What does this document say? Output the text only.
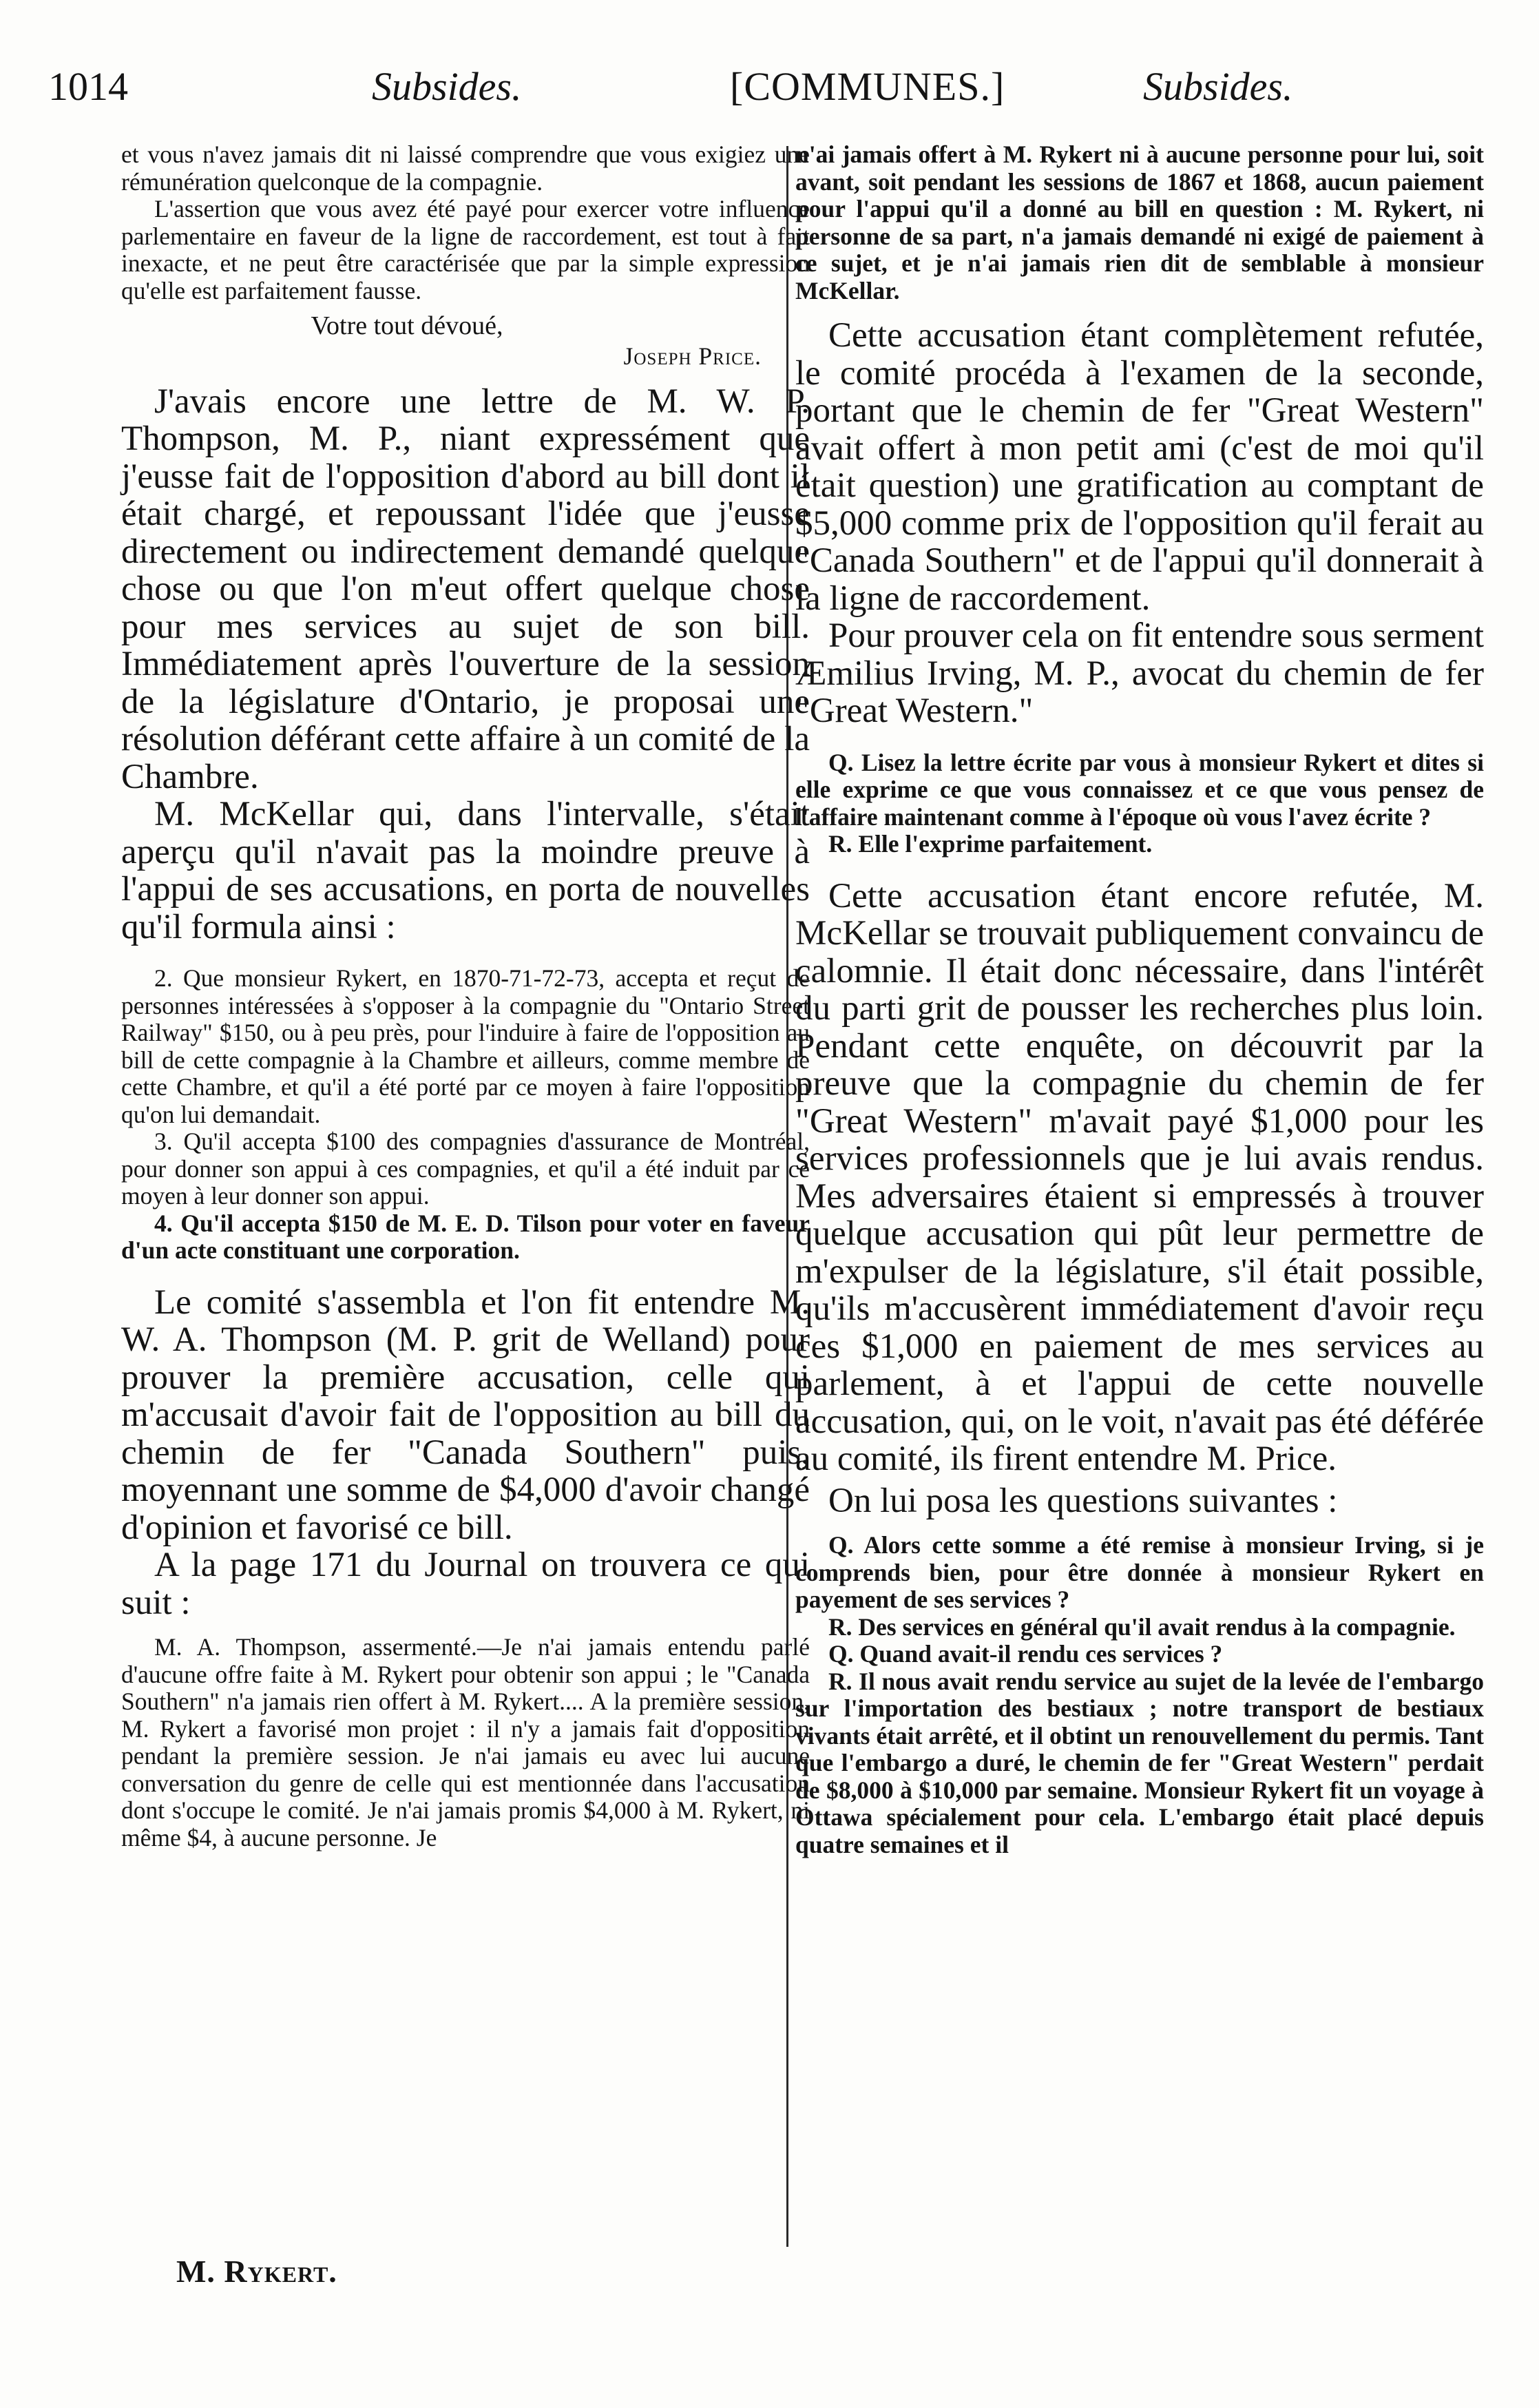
1014	Subsides.	[COMMUNES.]	Subsides.

et vous n'avez jamais dit ni laissé comprendre que vous exigiez une rémunération quelconque de la compagnie.

L'assertion que vous avez été payé pour exercer votre influence parlementaire en faveur de la ligne de raccordement, est tout à fait inexacte, et ne peut être caractérisée que par la simple expression qu'elle est parfaitement fausse.

Votre tout dévoué,

Joseph Price.

J'avais encore une lettre de M. W. P. Thompson, M. P., niant expressément que j'eusse fait de l'opposition d'abord au bill dont il était chargé, et repoussant l'idée que j'eusse directement ou indirectement demandé quelque chose ou que l'on m'eut offert quelque chose pour mes services au sujet de son bill. Immédiatement après l'ouverture de la session de la législature d'Ontario, je proposai une résolution déférant cette affaire à un comité de la Chambre.

M. McKellar qui, dans l'intervalle, s'était aperçu qu'il n'avait pas la moindre preuve à l'appui de ses accusations, en porta de nouvelles qu'il formula ainsi :

2. Que monsieur Rykert, en 1870-71-72-73, accepta et reçut de personnes intéressées à s'opposer à la compagnie du "Ontario Street Railway" $150, ou à peu près, pour l'induire à faire de l'opposition au bill de cette compagnie à la Chambre et ailleurs, comme membre de cette Chambre, et qu'il a été porté par ce moyen à faire l'opposition qu'on lui demandait.

3. Qu'il accepta $100 des compagnies d'assurance de Montréal, pour donner son appui à ces compagnies, et qu'il a été induit par ce moyen à leur donner son appui.

4. Qu'il accepta $150 de M. E. D. Tilson pour voter en faveur d'un acte constituant une corporation.

Le comité s'assembla et l'on fit entendre M. W. A. Thompson (M. P. grit de Welland) pour prouver la première accusation, celle qui m'accusait d'avoir fait de l'opposition au bill du chemin de fer "Canada Southern" puis, moyennant une somme de $4,000 d'avoir changé d'opinion et favorisé ce bill.

A la page 171 du Journal on trouvera ce qui suit :

M. A. Thompson, assermenté.—Je n'ai jamais entendu parlé d'aucune offre faite à M. Rykert pour obtenir son appui ; le "Canada Southern" n'a jamais rien offert à M. Rykert.... A la première session, M. Rykert a favorisé mon projet : il n'y a jamais fait d'opposition pendant la première session. Je n'ai jamais eu avec lui aucune conversation du genre de celle qui est mentionnée dans l'accusation dont s'occupe le comité. Je n'ai jamais promis $4,000 à M. Rykert, ni même $4, à aucune personne. Je

n'ai jamais offert à M. Rykert ni à aucune personne pour lui, soit avant, soit pendant les sessions de 1867 et 1868, aucun paiement pour l'appui qu'il a donné au bill en question : M. Rykert, ni personne de sa part, n'a jamais demandé ni exigé de paiement à ce sujet, et je n'ai jamais rien dit de semblable à monsieur McKellar.

Cette accusation étant complètement refutée, le comité procéda à l'examen de la seconde, portant que le chemin de fer "Great Western" avait offert à mon petit ami (c'est de moi qu'il était question) une gratification au comptant de $5,000 comme prix de l'opposition qu'il ferait au "Canada Southern" et de l'appui qu'il donnerait à la ligne de raccordement.

Pour prouver cela on fit entendre sous serment Æmilius Irving, M. P., avocat du chemin de fer "Great Western."

Q. Lisez la lettre écrite par vous à monsieur Rykert et dites si elle exprime ce que vous connaissez et ce que vous pensez de l'affaire maintenant comme à l'époque où vous l'avez écrite ?

R. Elle l'exprime parfaitement.

Cette accusation étant encore refutée, M. McKellar se trouvait publiquement convaincu de calomnie. Il était donc nécessaire, dans l'intérêt du parti grit de pousser les recherches plus loin. Pendant cette enquête, on découvrit par la preuve que la compagnie du chemin de fer "Great Western" m'avait payé $1,000 pour les services professionnels que je lui avais rendus. Mes adversaires étaient si empressés à trouver quelque accusation qui pût leur permettre de m'expulser de la législature, s'il était possible, qu'ils m'accusèrent immédiatement d'avoir reçu ces $1,000 en paiement de mes services au parlement, à et l'appui de cette nouvelle accusation, qui, on le voit, n'avait pas été déférée au comité, ils firent entendre M. Price.

On lui posa les questions suivantes :

Q. Alors cette somme a été remise à monsieur Irving, si je comprends bien, pour être donnée à monsieur Rykert en payement de ses services ?

R. Des services en général qu'il avait rendus à la compagnie.

Q. Quand avait-il rendu ces services ?

R. Il nous avait rendu service au sujet de la levée de l'embargo sur l'importation des bestiaux ; notre transport de bestiaux vivants était arrêté, et il obtint un renouvellement du permis. Tant que l'embargo a duré, le chemin de fer "Great Western" perdait de $8,000 à $10,000 par semaine. Monsieur Rykert fit un voyage à Ottawa spécialement pour cela. L'embargo était placé depuis quatre semaines et il

M. Rykert.
